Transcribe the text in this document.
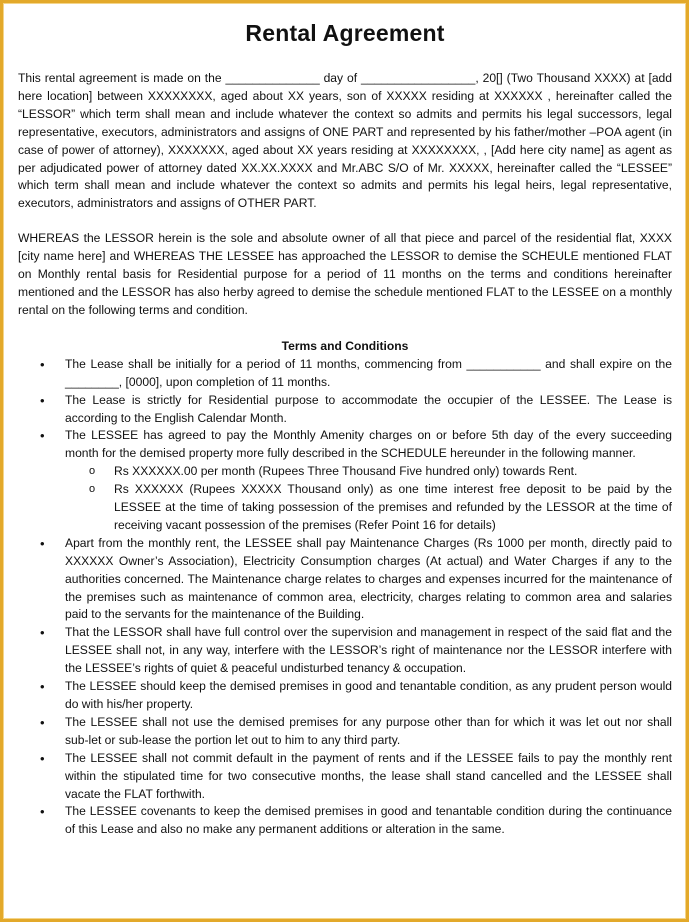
Rental Agreement

This rental agreement is made on the ______________ day of _________________, 20[] (Two Thousand XXXX) at [add here location] between XXXXXXXX, aged about XX years, son of XXXXX residing at XXXXXX , hereinafter called the “LESSOR” which term shall mean and include whatever the context so admits and permits his legal successors, legal representative, executors, administrators and assigns of ONE PART and represented by his father/mother –POA agent (in case of power of attorney), XXXXXXX, aged about XX years residing at XXXXXXXX, , [Add here city name] as agent as per adjudicated power of attorney dated XX.XX.XXXX and Mr.ABC S/O of Mr. XXXXX, hereinafter called the “LESSEE” which term shall mean and include whatever the context so admits and permits his legal heirs, legal representative, executors, administrators and assigns of OTHER PART.

WHEREAS the LESSOR herein is the sole and absolute owner of all that piece and parcel of the residential flat, XXXX [city name here] and WHEREAS THE LESSEE has approached the LESSOR to demise the SCHEULE mentioned FLAT on Monthly rental basis for Residential purpose for a period of 11 months on the terms and conditions hereinafter mentioned and the LESSOR has also herby agreed to demise the schedule mentioned FLAT to the LESSEE on a monthly rental on the following terms and condition.

Terms and Conditions
• The Lease shall be initially for a period of 11 months, commencing from ___________ and shall expire on the ________, [0000], upon completion of 11 months.
• The Lease is strictly for Residential purpose to accommodate the occupier of the LESSEE. The Lease is according to the English Calendar Month.
• The LESSEE has agreed to pay the Monthly Amenity charges on or before 5th day of the every succeeding month for the demised property more fully described in the SCHEDULE hereunder in the following manner.
o Rs XXXXXX.00 per month (Rupees Three Thousand Five hundred only) towards Rent.
o Rs XXXXXX (Rupees XXXXX Thousand only) as one time interest free deposit to be paid by the LESSEE at the time of taking possession of the premises and refunded by the LESSOR at the time of receiving vacant possession of the premises (Refer Point 16 for details)
• Apart from the monthly rent, the LESSEE shall pay Maintenance Charges (Rs 1000 per month, directly paid to XXXXXX Owner’s Association), Electricity Consumption charges (At actual) and Water Charges if any to the authorities concerned. The Maintenance charge relates to charges and expenses incurred for the maintenance of the premises such as maintenance of common area, electricity, charges relating to common area and salaries paid to the servants for the maintenance of the Building.
• That the LESSOR shall have full control over the supervision and management in respect of the said flat and the LESSEE shall not, in any way, interfere with the LESSOR’s right of maintenance nor the LESSOR interfere with the LESSEE’s rights of quiet & peaceful undisturbed tenancy & occupation.
• The LESSEE should keep the demised premises in good and tenantable condition, as any prudent person would do with his/her property.
• The LESSEE shall not use the demised premises for any purpose other than for which it was let out nor shall sub-let or sub-lease the portion let out to him to any third party.
• The LESSEE shall not commit default in the payment of rents and if the LESSEE fails to pay the monthly rent within the stipulated time for two consecutive months, the lease shall stand cancelled and the LESSEE shall vacate the FLAT forthwith.
• The LESSEE covenants to keep the demised premises in good and tenantable condition during the continuance of this Lease and also no make any permanent additions or alteration in the same.
